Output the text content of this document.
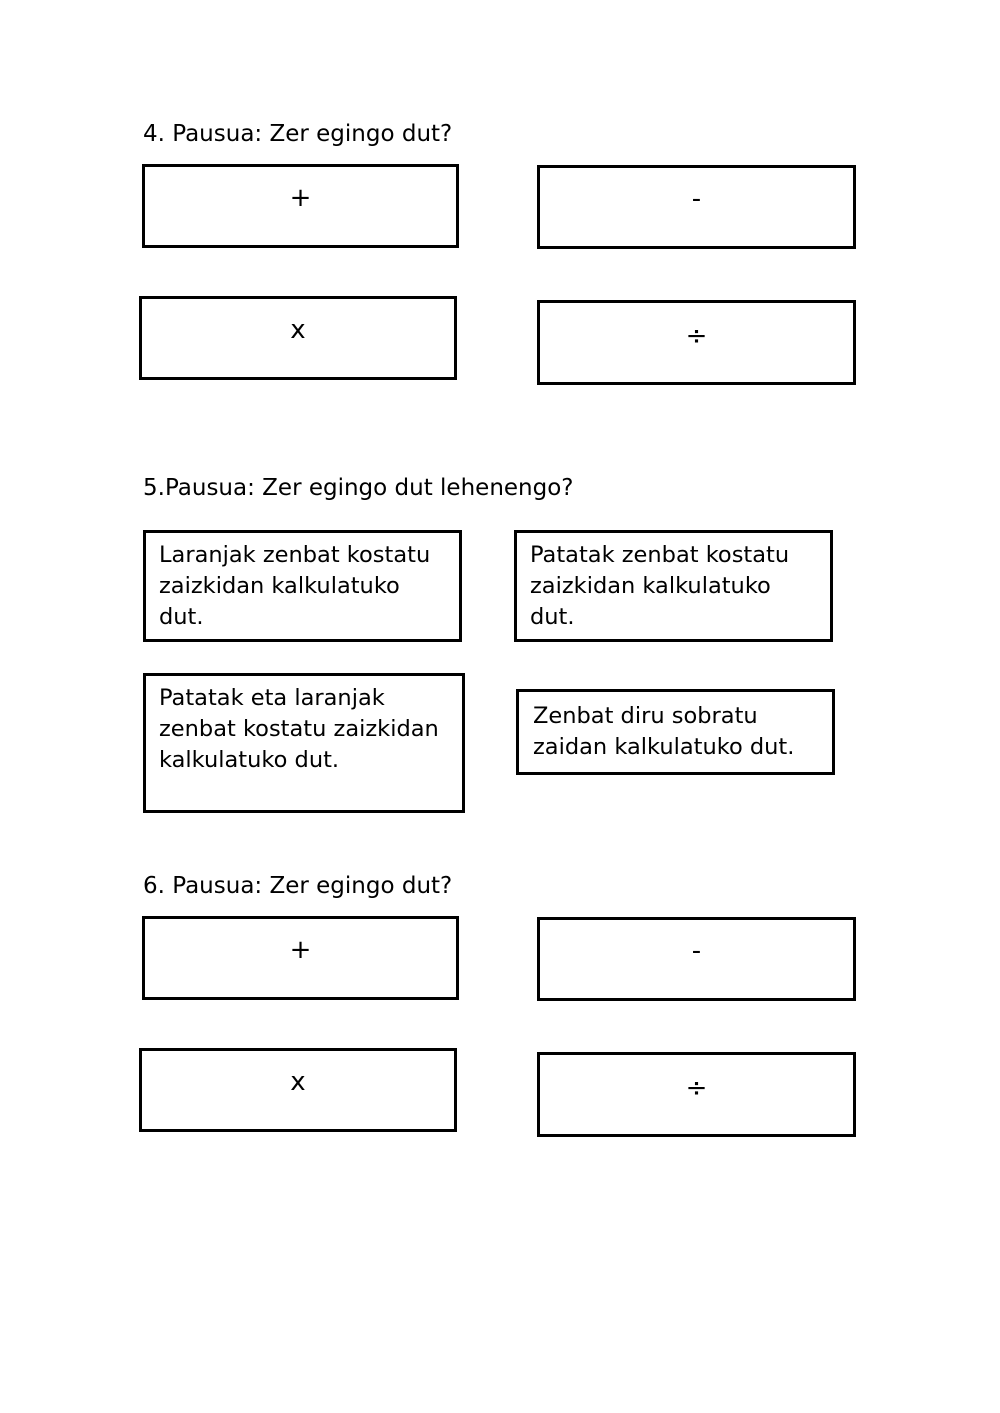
4. Pausua: Zer egingo dut?
+	-
x	÷
5.Pausua: Zer egingo dut lehenengo?
Laranjak zenbat kostatu zaizkidan kalkulatuko dut.
Patatak zenbat kostatu zaizkidan kalkulatuko dut.
Patatak eta laranjak zenbat kostatu zaizkidan kalkulatuko dut.
Zenbat diru sobratu zaidan kalkulatuko dut.
6. Pausua: Zer egingo dut?
+	-
x	÷
